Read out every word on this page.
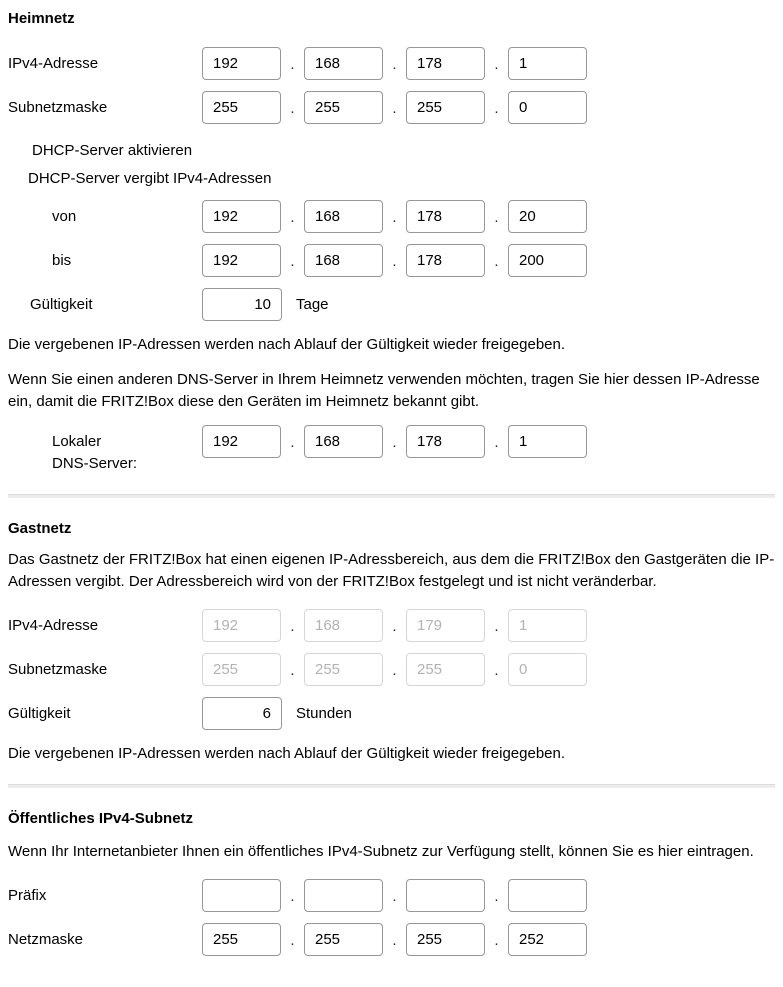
Heimnetz
IPv4-Adresse
192	.
168	.
178	.
1
Subnetzmaske
255	.
255	.
255	.
0
DHCP-Server aktivieren
DHCP-Server vergibt IPv4-Adressen
von
192	.
168	.
178	.
20
bis
192	.
168	.
178	.
200
Gültigkeit
10	Tage

Die vergebenen IP-Adressen werden nach Ablauf der Gültigkeit wieder freigegeben.

Wenn Sie einen anderen DNS-Server in Ihrem Heimnetz verwenden möchten, tragen Sie hier dessen IP-Adresse ein, damit die FRITZ!Box diese den Geräten im Heimnetz bekannt gibt.

Lokaler DNS-Server:
192
.
168	.
178	.
1
Gastnetz

Das Gastnetz der FRITZ!Box hat einen eigenen IP-Adressbereich, aus dem die FRITZ!Box den Gastgeräten die IP-Adressen vergibt. Der Adressbereich wird von der FRITZ!Box festgelegt und ist nicht veränderbar.

IPv4-Adresse
192	.
168	.
179	.
1
Subnetzmaske
255	.
255	.
255	.
0
Gültigkeit
6	Stunden

Die vergebenen IP-Adressen werden nach Ablauf der Gültigkeit wieder freigegeben.

Öffentliches IPv4-Subnetz

Wenn Ihr Internetanbieter Ihnen ein öffentliches IPv4-Subnetz zur Verfügung stellt, können Sie es hier eintragen.

Präfix	.	.	.
Netzmaske
255	.
255	.
255	.
252
